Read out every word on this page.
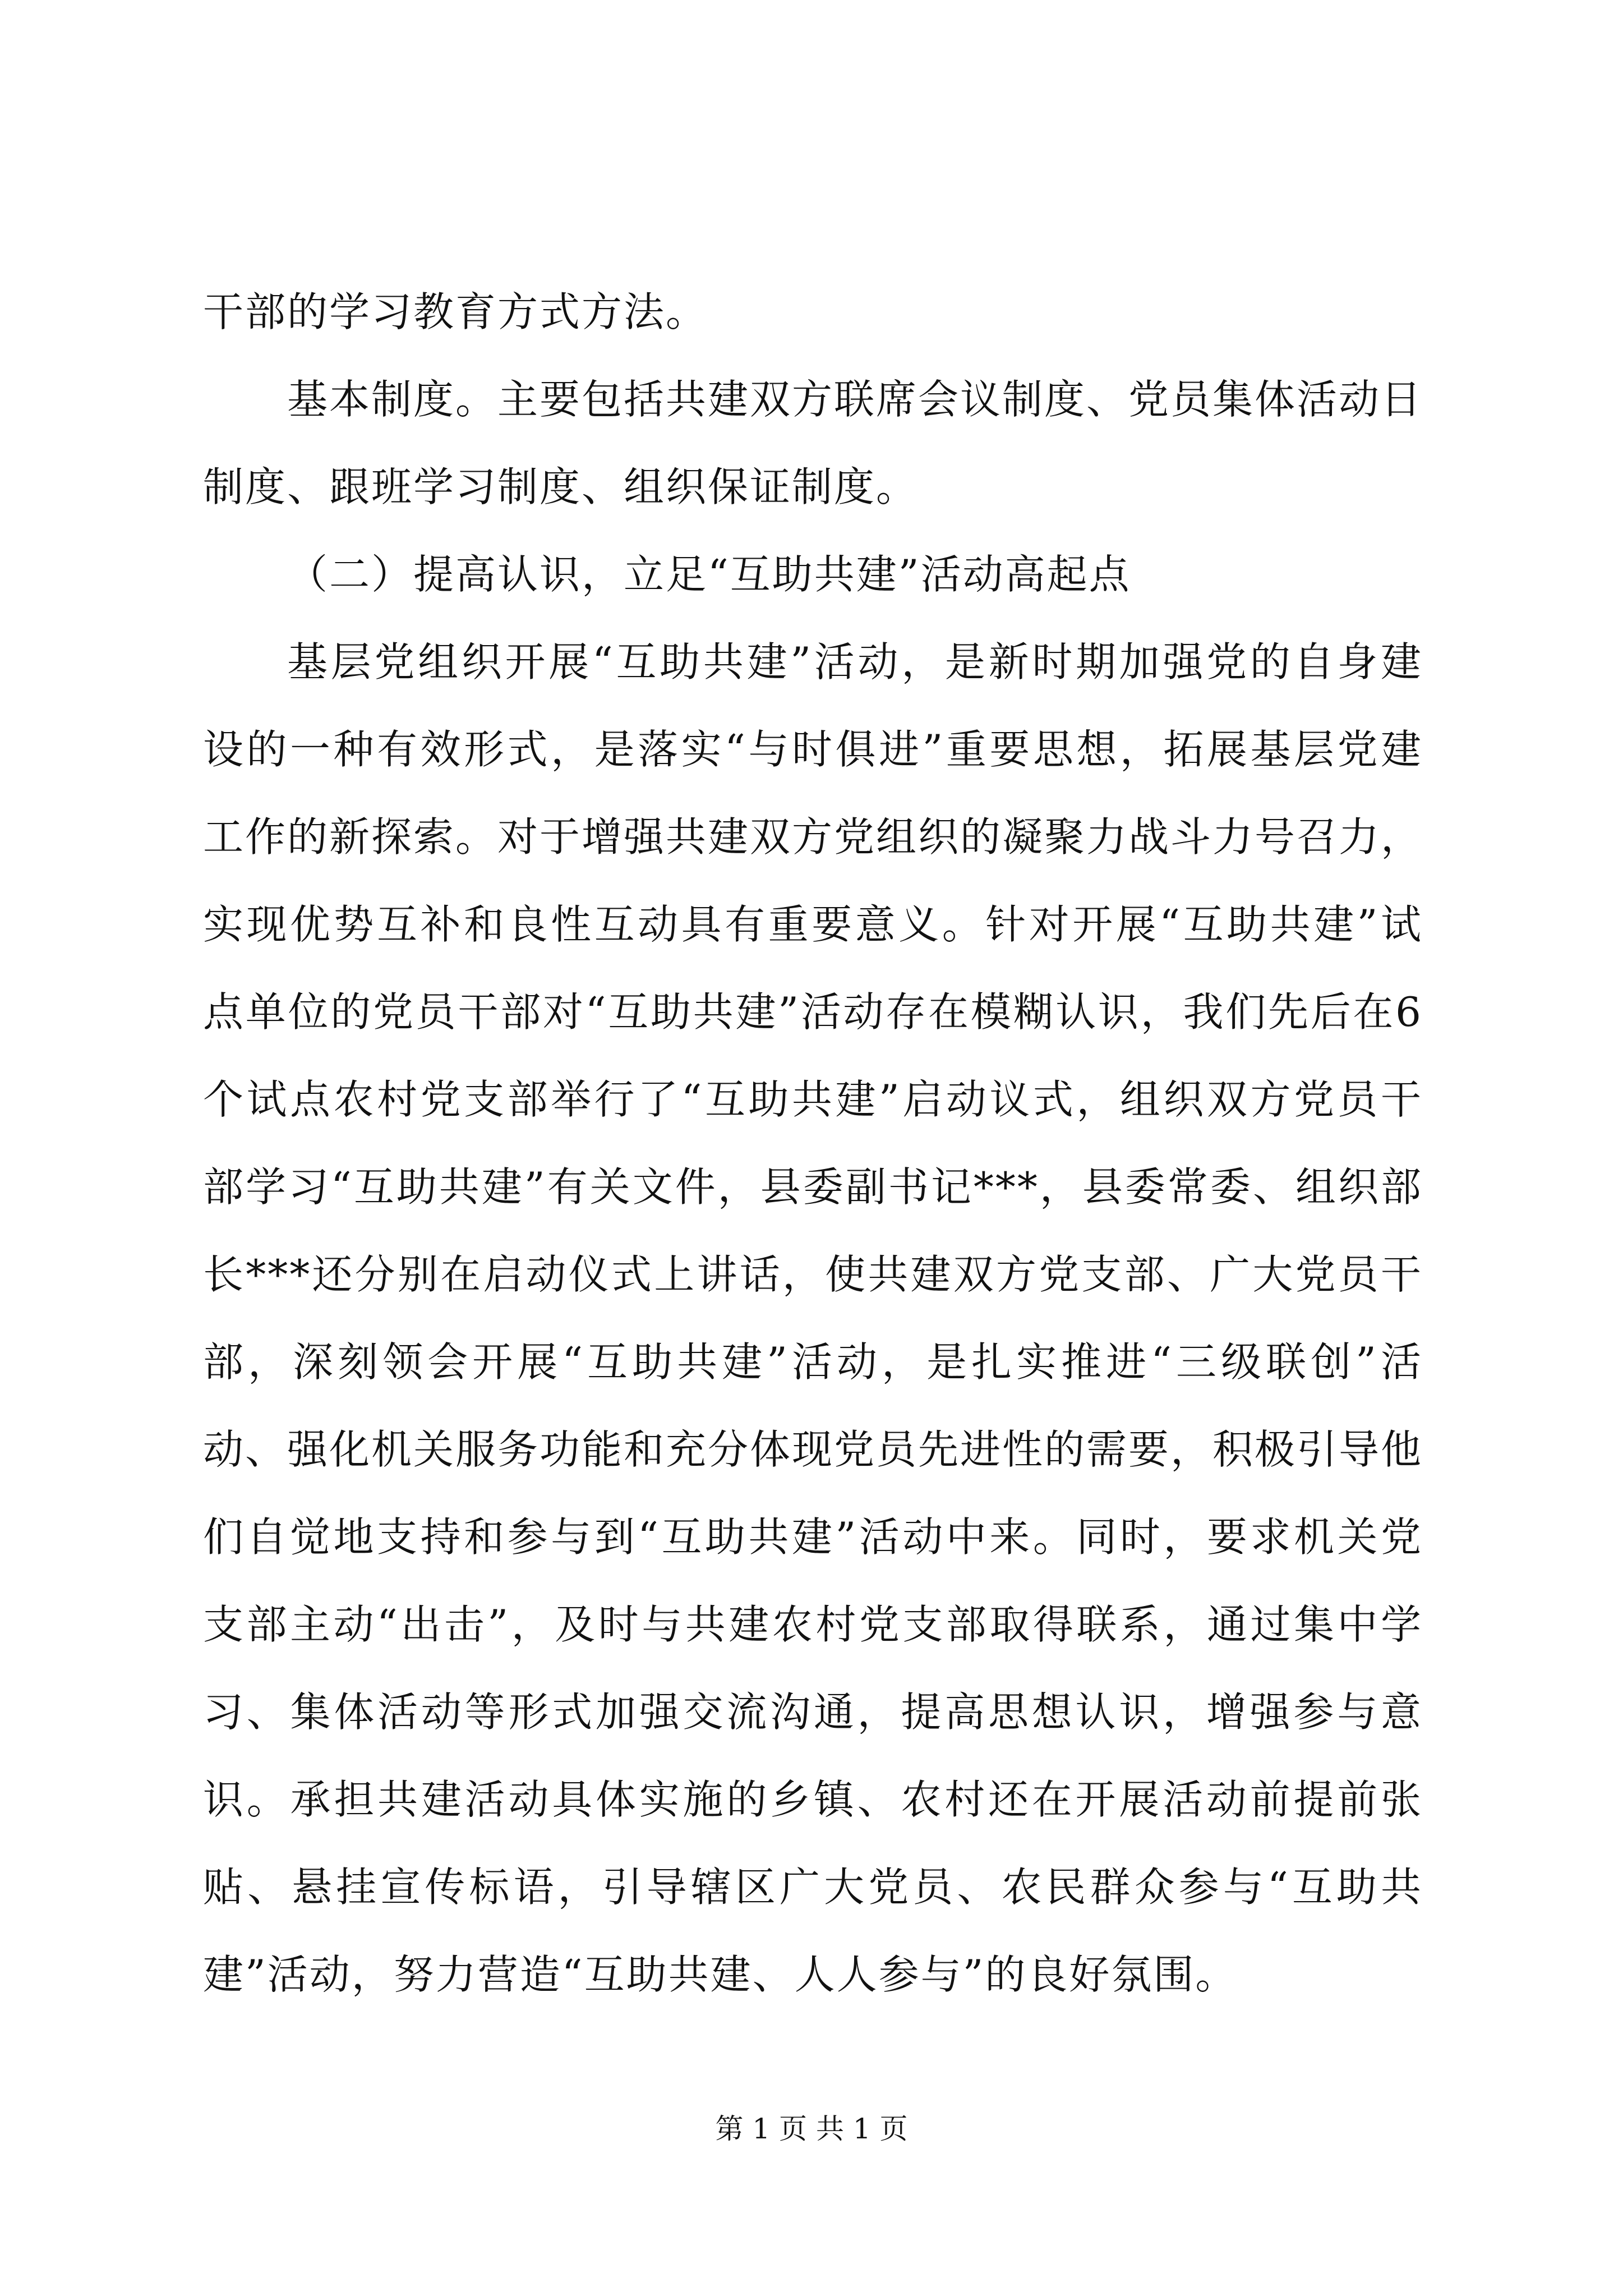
干部的学习教育方式方法。

基本制度。主要包括共建双方联席会议制度、党员集体活动日制度、跟班学习制度、组织保证制度。

（二）提高认识，立足“互助共建”活动高起点

基层党组织开展“互助共建”活动，是新时期加强党的自身建设的一种有效形式，是落实“与时俱进”重要思想，拓展基层党建工作的新探索。对于增强共建双方党组织的凝聚力战斗力号召力，实现优势互补和良性互动具有重要意义。针对开展“互助共建”试点单位的党员干部对“互助共建”活动存在模糊认识，我们先后在6个试点农村党支部举行了“互助共建”启动议式，组织双方党员干部学习“互助共建”有关文件，县委副书记***，县委常委、组织部长***还分别在启动仪式上讲话，使共建双方党支部、广大党员干部，深刻领会开展“互助共建”活动，是扎实推进“三级联创”活动、强化机关服务功能和充分体现党员先进性的需要，积极引导他们自觉地支持和参与到“互助共建”活动中来。同时，要求机关党支部主动“出击”，及时与共建农村党支部取得联系，通过集中学习、集体活动等形式加强交流沟通，提高思想认识，增强参与意识。承担共建活动具体实施的乡镇、农村还在开展活动前提前张贴、悬挂宣传标语，引导辖区广大党员、农民群众参与“互助共建”活动，努力营造“互助共建、人人参与”的良好氛围。

第 1 页 共 1 页
